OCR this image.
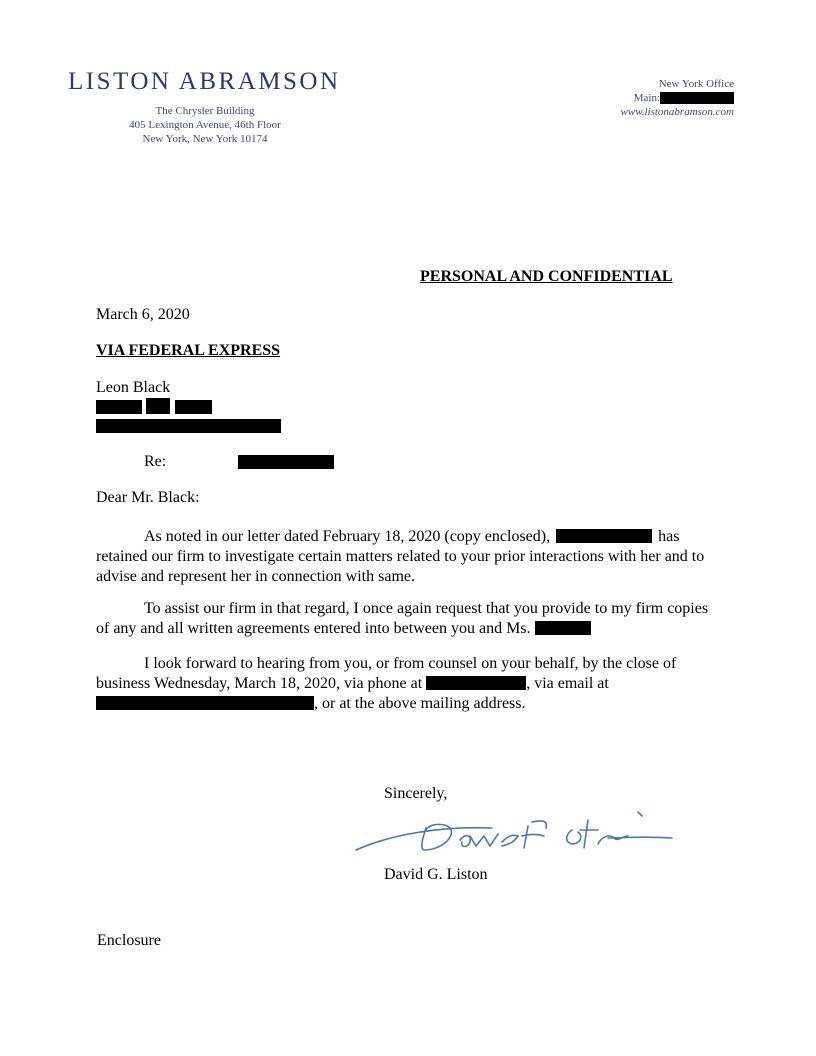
LISTON ABRAMSON
The Chrysler Building
405 Lexington Avenue, 46th Floor
New York, New York 10174
New York Office
Main:
www.listonabramson.com
PERSONAL AND CONFIDENTIAL
March 6, 2020
VIA FEDERAL EXPRESS
Leon Black
Re:
Dear Mr. Black:
As noted in our letter dated February 18, 2020 (copy enclosed),	has
retained our firm to investigate certain matters related to your prior interactions with her and to
advise and represent her in connection with same.
To assist our firm in that regard, I once again request that you provide to my firm copies
of any and all written agreements entered into between you and Ms.
I look forward to hearing from you, or from counsel on your behalf, by the close of
business Wednesday, March 18, 2020, via phone at	, via email at
, or at the above mailing address.
Sincerely,
David G. Liston
Enclosure
